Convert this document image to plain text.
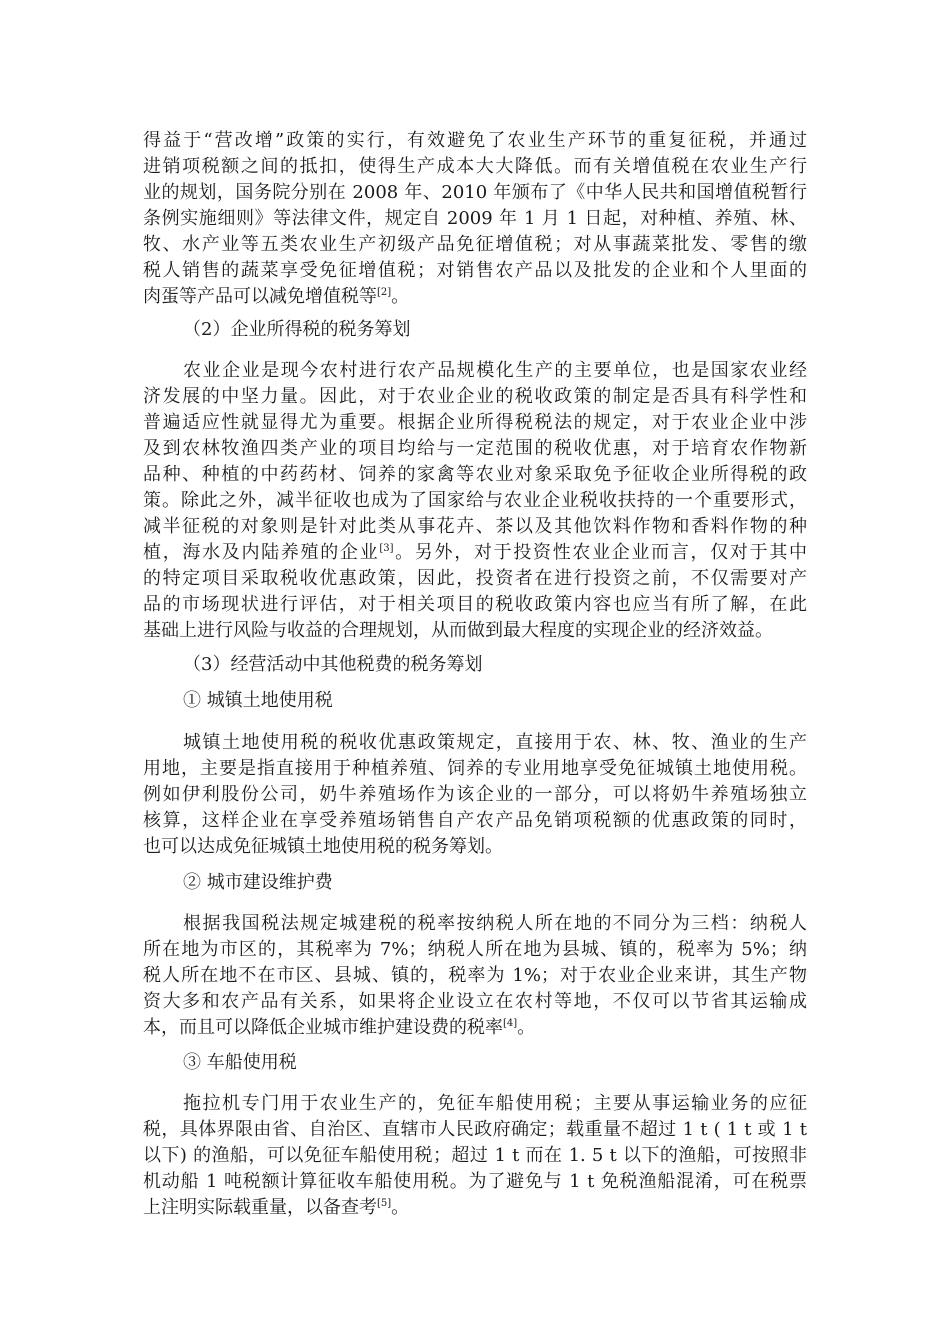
得益于“营改增”政策的实行，有效避免了农业生产环节的重复征税，并通过
进销项税额之间的抵扣，使得生产成本大大降低。而有关增值税在农业生产行
业的规划，国务院分别在 2008 年、2010 年颁布了《中华人民共和国增值税暂行
条例实施细则》等法律文件，规定自 2009 年 1 月 1 日起，对种植、养殖、林、
牧、水产业等五类农业生产初级产品免征增值税；对从事蔬菜批发、零售的缴
税人销售的蔬菜享受免征增值税；对销售农产品以及批发的企业和个人里面的
肉蛋等产品可以减免增值税等[2]。
（2）企业所得税的税务筹划
农业企业是现今农村进行农产品规模化生产的主要单位，也是国家农业经
济发展的中坚力量。因此，对于农业企业的税收政策的制定是否具有科学性和
普遍适应性就显得尤为重要。根据企业所得税税法的规定，对于农业企业中涉
及到农林牧渔四类产业的项目均给与一定范围的税收优惠，对于培育农作物新
品种、种植的中药药材、饲养的家禽等农业对象采取免予征收企业所得税的政
策。除此之外，减半征收也成为了国家给与农业企业税收扶持的一个重要形式，
减半征税的对象则是针对此类从事花卉、茶以及其他饮料作物和香料作物的种
植，海水及内陆养殖的企业[3]。另外，对于投资性农业企业而言，仅对于其中
的特定项目采取税收优惠政策，因此，投资者在进行投资之前，不仅需要对产
品的市场现状进行评估，对于相关项目的税收政策内容也应当有所了解，在此
基础上进行风险与收益的合理规划，从而做到最大程度的实现企业的经济效益。
（3）经营活动中其他税费的税务筹划
① 城镇土地使用税
城镇土地使用税的税收优惠政策规定，直接用于农、林、牧、渔业的生产
用地，主要是指直接用于种植养殖、饲养的专业用地享受免征城镇土地使用税。
例如伊利股份公司，奶牛养殖场作为该企业的一部分，可以将奶牛养殖场独立
核算，这样企业在享受养殖场销售自产农产品免销项税额的优惠政策的同时，
也可以达成免征城镇土地使用税的税务筹划。
② 城市建设维护费
根据我国税法规定城建税的税率按纳税人所在地的不同分为三档：纳税人
所在地为市区的，其税率为 7%；纳税人所在地为县城、镇的，税率为 5%；纳
税人所在地不在市区、县城、镇的，税率为 1%；对于农业企业来讲，其生产物
资大多和农产品有关系，如果将企业设立在农村等地，不仅可以节省其运输成
本，而且可以降低企业城市维护建设费的税率[4]。
③ 车船使用税
拖拉机专门用于农业生产的，免征车船使用税；主要从事运输业务的应征
税，具体界限由省、自治区、直辖市人民政府确定；载重量不超过 1 t ( 1 t 或 1 t
以下) 的渔船，可以免征车船使用税；超过 1 t 而在 1. 5 t 以下的渔船，可按照非
机动船 1 吨税额计算征收车船使用税。为了避免与 1 t 免税渔船混淆，可在税票
上注明实际载重量，以备查考[5]。
